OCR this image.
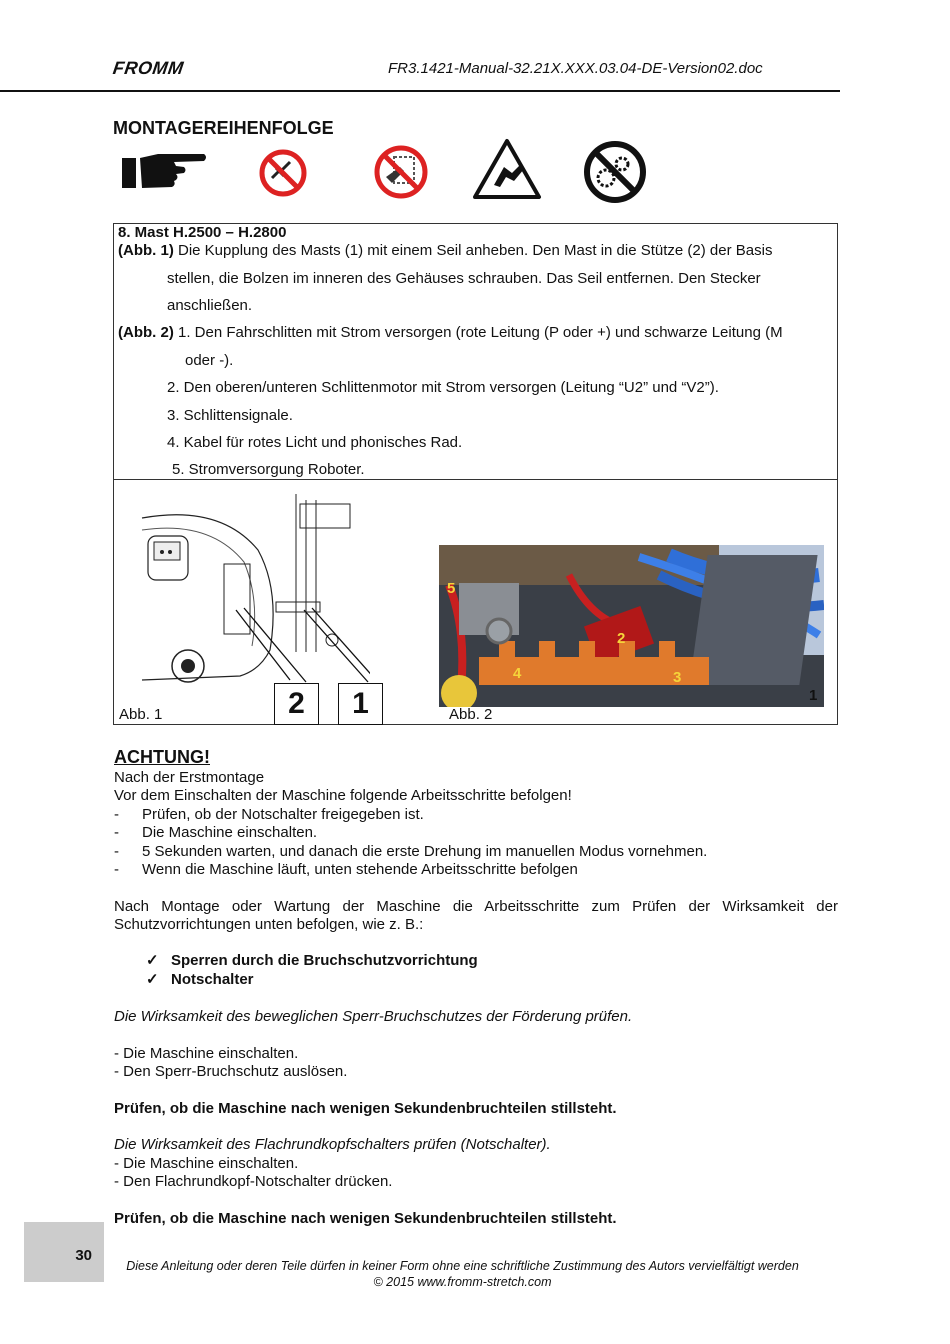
FROMM	FR3.1421-Manual-32.21X.XXX.03.04-DE-Version02.doc
MONTAGEREIHENFOLGE
8. Mast H.2500 – H.2800
(Abb. 1) Die Kupplung des Masts (1) mit einem Seil anheben. Den Mast in die Stütze (2) der Basis
stellen, die Bolzen im inneren des Gehäuses schrauben. Das Seil entfernen. Den Stecker
anschließen.
(Abb. 2) 1. Den Fahrschlitten mit Strom versorgen (rote Leitung (P oder +) und schwarze Leitung (M
oder -).
2. Den oberen/unteren Schlittenmotor mit Strom versorgen (Leitung “U2” und “V2”).
3. Schlittensignale.
4. Kabel für rotes Licht und phonisches Rad.
5. Stromversorgung Roboter.
2	1
Abb. 1
5
2
4	3
1
Abb. 2
ACHTUNG!
Nach der Erstmontage
Vor dem Einschalten der Maschine folgende Arbeitsschritte befolgen!
- Prüfen, ob der Notschalter freigegeben ist.
- Die Maschine einschalten.
- 5 Sekunden warten, und danach die erste Drehung im manuellen Modus vornehmen.
- Wenn die Maschine läuft, unten stehende Arbeitsschritte befolgen
Nach Montage oder Wartung der Maschine die Arbeitsschritte zum Prüfen der Wirksamkeit der Schutzvorrichtungen unten befolgen, wie z. B.:
✓ Sperren durch die Bruchschutzvorrichtung
✓ Notschalter
Die Wirksamkeit des beweglichen Sperr-Bruchschutzes der Förderung prüfen.
- Die Maschine einschalten.
- Den Sperr-Bruchschutz auslösen.
Prüfen, ob die Maschine nach wenigen Sekundenbruchteilen stillsteht.
Die Wirksamkeit des Flachrundkopfschalters prüfen (Notschalter).
- Die Maschine einschalten.
- Den Flachrundkopf-Notschalter drücken.
Prüfen, ob die Maschine nach wenigen Sekundenbruchteilen stillsteht.
30
Diese Anleitung oder deren Teile dürfen in keiner Form ohne eine schriftliche Zustimmung des Autors vervielfältigt werden
© 2015 www.fromm-stretch.com
